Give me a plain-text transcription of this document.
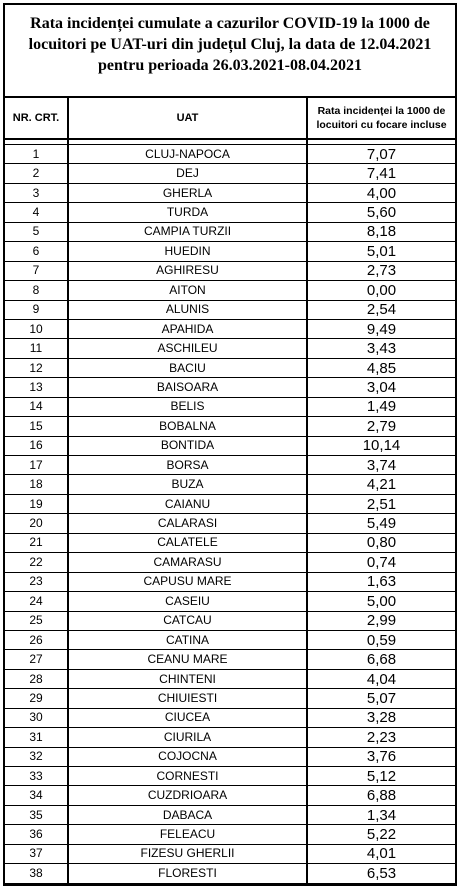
Rata incidenței cumulate a cazurilor COVID-19 la 1000 de
locuitori pe UAT-uri din județul Cluj, la data de 12.04.2021
pentru perioada 26.03.2021-08.04.2021
NR. CRT.	UAT	Rata incidenței la 1000 de locuitori cu focare incluse

1	CLUJ-NAPOCA	7,07
2	DEJ	7,41
3	GHERLA	4,00
4	TURDA	5,60
5	CAMPIA TURZII	8,18
6	HUEDIN	5,01
7	AGHIRESU	2,73
8	AITON	0,00
9	ALUNIS	2,54
10	APAHIDA	9,49
11	ASCHILEU	3,43
12	BACIU	4,85
13	BAISOARA	3,04
14	BELIS	1,49
15	BOBALNA	2,79
16	BONTIDA	10,14
17	BORSA	3,74
18	BUZA	4,21
19	CAIANU	2,51
20	CALARASI	5,49
21	CALATELE	0,80
22	CAMARASU	0,74
23	CAPUSU MARE	1,63
24	CASEIU	5,00
25	CATCAU	2,99
26	CATINA	0,59
27	CEANU MARE	6,68
28	CHINTENI	4,04
29	CHIUIESTI	5,07
30	CIUCEA	3,28
31	CIURILA	2,23
32	COJOCNA	3,76
33	CORNESTI	5,12
34	CUZDRIOARA	6,88
35	DABACA	1,34
36	FELEACU	5,22
37	FIZESU GHERLII	4,01
38	FLORESTI	6,53
